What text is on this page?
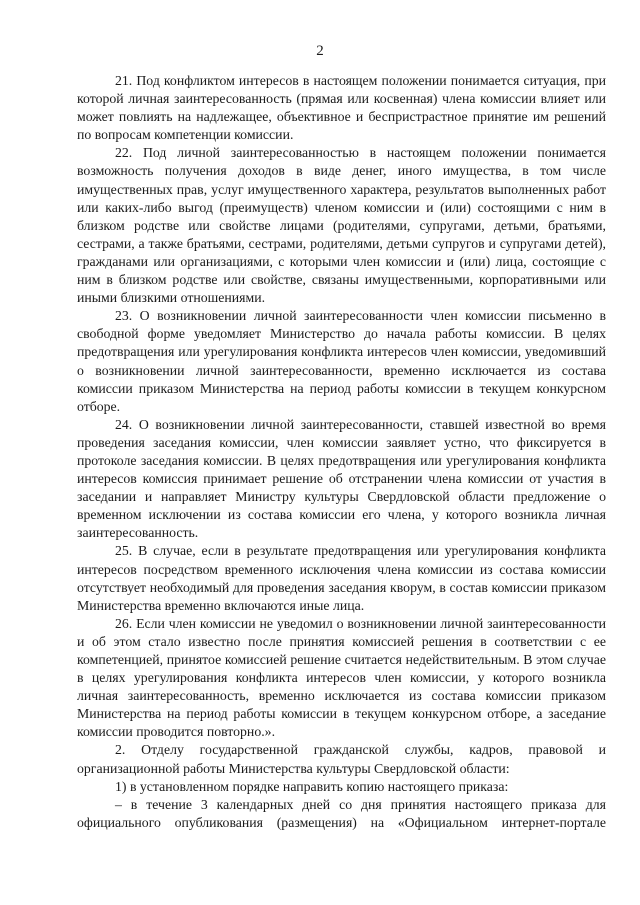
2

21. Под конфликтом интересов в настоящем положении понимается ситуация, при которой личная заинтересованность (прямая или косвенная) члена комиссии влияет или может повлиять на надлежащее, объективное и беспристрастное принятие им решений по вопросам компетенции комиссии.

22. Под личной заинтересованностью в настоящем положении понимается возможность получения доходов в виде денег, иного имущества, в том числе имущественных прав, услуг имущественного характера, результатов выполненных работ или каких-либо выгод (преимуществ) членом комиссии и (или) состоящими с ним в близком родстве или свойстве лицами (родителями, супругами, детьми, братьями, сестрами, а также братьями, сестрами, родителями, детьми супругов и супругами детей), гражданами или организациями, с которыми член комиссии и (или) лица, состоящие с ним в близком родстве или свойстве, связаны имущественными, корпоративными или иными близкими отношениями.

23. О возникновении личной заинтересованности член комиссии письменно в свободной форме уведомляет Министерство до начала работы комиссии. В целях предотвращения или урегулирования конфликта интересов член комиссии, уведомивший о возникновении личной заинтересованности, временно исключается из состава комиссии приказом Министерства на период работы комиссии в текущем конкурсном отборе.

24. О возникновении личной заинтересованности, ставшей известной во время проведения заседания комиссии, член комиссии заявляет устно, что фиксируется в протоколе заседания комиссии. В целях предотвращения или урегулирования конфликта интересов комиссия принимает решение об отстранении члена комиссии от участия в заседании и направляет Министру культуры Свердловской области предложение о временном исключении из состава комиссии его члена, у которого возникла личная заинтересованность.

25. В случае, если в результате предотвращения или урегулирования конфликта интересов посредством временного исключения члена комиссии из состава комиссии отсутствует необходимый для проведения заседания кворум, в состав комиссии приказом Министерства временно включаются иные лица.

26. Если член комиссии не уведомил о возникновении личной заинтересованности и об этом стало известно после принятия комиссией решения в соответствии с ее компетенцией, принятое комиссией решение считается недействительным. В этом случае в целях урегулирования конфликта интересов член комиссии, у которого возникла личная заинтересованность, временно исключается из состава комиссии приказом Министерства на период работы комиссии в текущем конкурсном отборе, а заседание комиссии проводится повторно.».

2. Отделу государственной гражданской службы, кадров, правовой и организационной работы Министерства культуры Свердловской области:

1) в установленном порядке направить копию настоящего приказа:

– в течение 3 календарных дней со дня принятия настоящего приказа для официального опубликования (размещения) на «Официальном интернет-портале
